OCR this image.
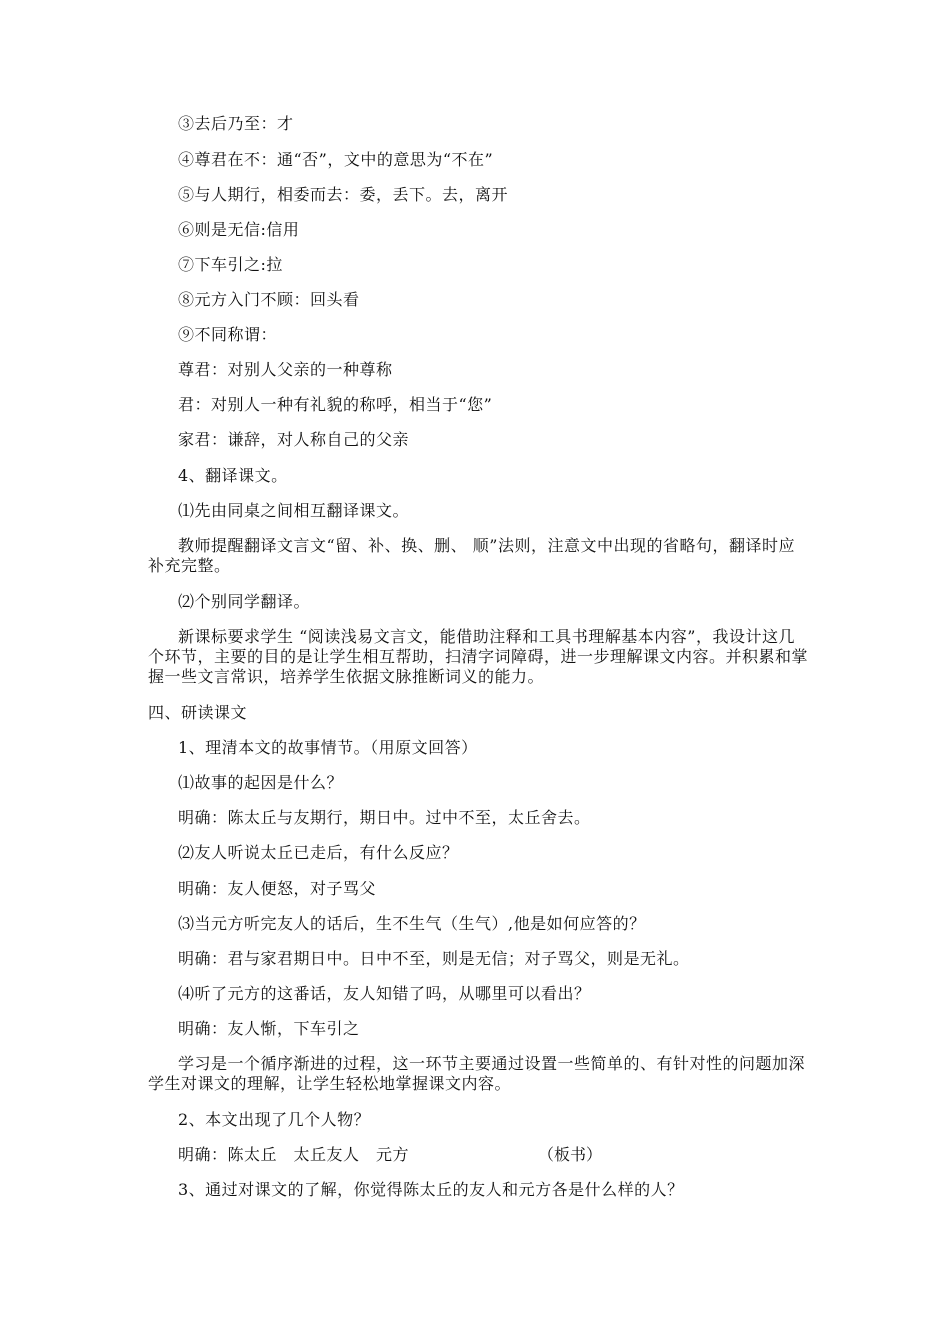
③去后乃至：才
④尊君在不：通“否”，文中的意思为“不在”
⑤与人期行，相委而去：委，丢下。去，离开
⑥则是无信:信用
⑦下车引之:拉
⑧元方入门不顾：回头看
⑨不同称谓：
尊君：对别人父亲的一种尊称
君：对别人一种有礼貌的称呼，相当于“您”
家君：谦辞，对人称自己的父亲
4、翻译课文。
⑴先由同桌之间相互翻译课文。
教师提醒翻译文言文“留、补、换、删、 顺”法则，注意文中出现的省略句，翻译时应补充完整。
⑵个别同学翻译。
新课标要求学生 “阅读浅易文言文，能借助注释和工具书理解基本内容”，我设计这几个环节，主要的目的是让学生相互帮助，扫清字词障碍，进一步理解课文内容。并积累和掌握一些文言常识，培养学生依据文脉推断词义的能力。
四、研读课文
1、理清本文的故事情节。（用原文回答）
⑴故事的起因是什么？
明确：陈太丘与友期行，期日中。过中不至，太丘舍去。
⑵友人听说太丘已走后，有什么反应？
明确：友人便怒，对子骂父
⑶当元方听完友人的话后，生不生气（生气）,他是如何应答的？
明确：君与家君期日中。日中不至，则是无信；对子骂父，则是无礼。
⑷听了元方的这番话，友人知错了吗，从哪里可以看出？
明确：友人惭，下车引之
学习是一个循序渐进的过程，这一环节主要通过设置一些简单的、有针对性的问题加深学生对课文的理解，让学生轻松地掌握课文内容。
2、本文出现了几个人物？
明确：陈太丘　太丘友人　元方	（板书）
3、通过对课文的了解，你觉得陈太丘的友人和元方各是什么样的人？
